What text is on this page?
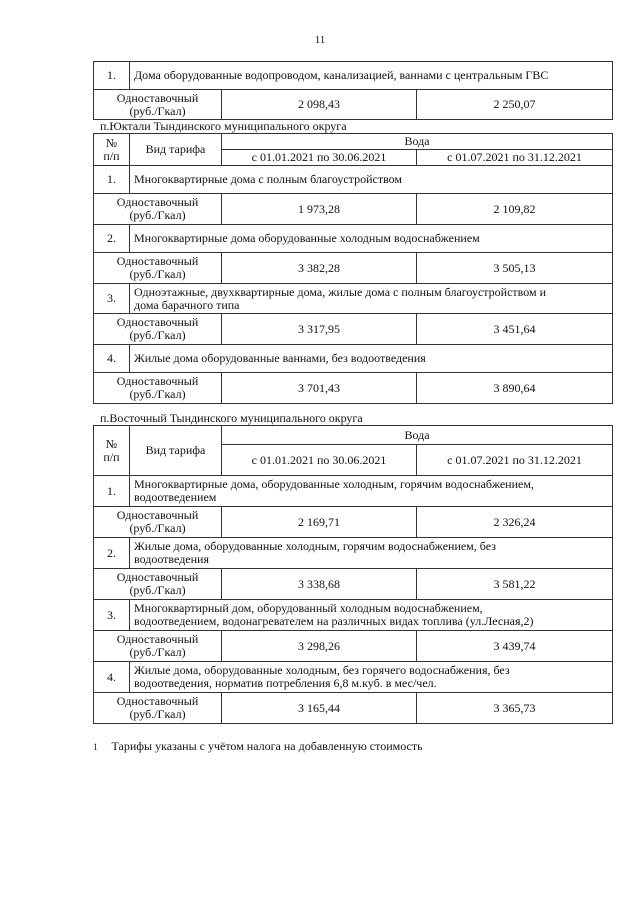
11
1.	Дома оборудованные водопроводом, канализацией, ваннами с центральным ГВС		

Одноставочный
(руб./Гкал)		2 098,43	2 250,07
п.Юктали Тындинского муниципального округа
№
п/п	Вид тарифа	Вода	
		с 01.01.2021 по 30.06.2021	с 01.07.2021 по 31.12.2021
1.	Многоквартирные дома с полным благоустройством		

Одноставочный
(руб./Гкал)		1 973,28	2 109,82
2.	Многоквартирные дома оборудованные холодным водоснабжением		

Одноставочный
(руб./Гкал)		3 382,28	3 505,13
3.	Одноэтажные, двухквартирные дома, жилые дома с полным благоустройством и
дома барачного типа		

Одноставочный
(руб./Гкал)		3 317,95	3 451,64
4.	Жилые дома оборудованные ваннами, без водоотведения		

Одноставочный
(руб./Гкал)		3 701,43	3 890,64
п.Восточный Тындинского муниципального округа
№
п/п	Вид тарифа	Вода	
		с 01.01.2021 по 30.06.2021	с 01.07.2021 по 31.12.2021
1.	Многоквартирные дома, оборудованные холодным, горячим водоснабжением,
водоотведением		

Одноставочный
(руб./Гкал)		2 169,71	2 326,24
2.	Жилые дома, оборудованные холодным, горячим водоснабжением, без
водоотведения		

Одноставочный
(руб./Гкал)		3 338,68	3 581,22
3.	Многоквартирный дом, оборудованный холодным водоснабжением,
водоотведением, водонагревателем на различных видах топлива (ул.Лесная,2)		

Одноставочный
(руб./Гкал)		3 298,26	3 439,74
4.	Жилые дома, оборудованные холодным, без горячего водоснабжения, без
водоотведения, норматив потребления 6,8 м.куб. в мес/чел.		

Одноставочный
(руб./Гкал)		3 165,44	3 365,73
1 Тарифы указаны с учётом налога на добавленную стоимость
